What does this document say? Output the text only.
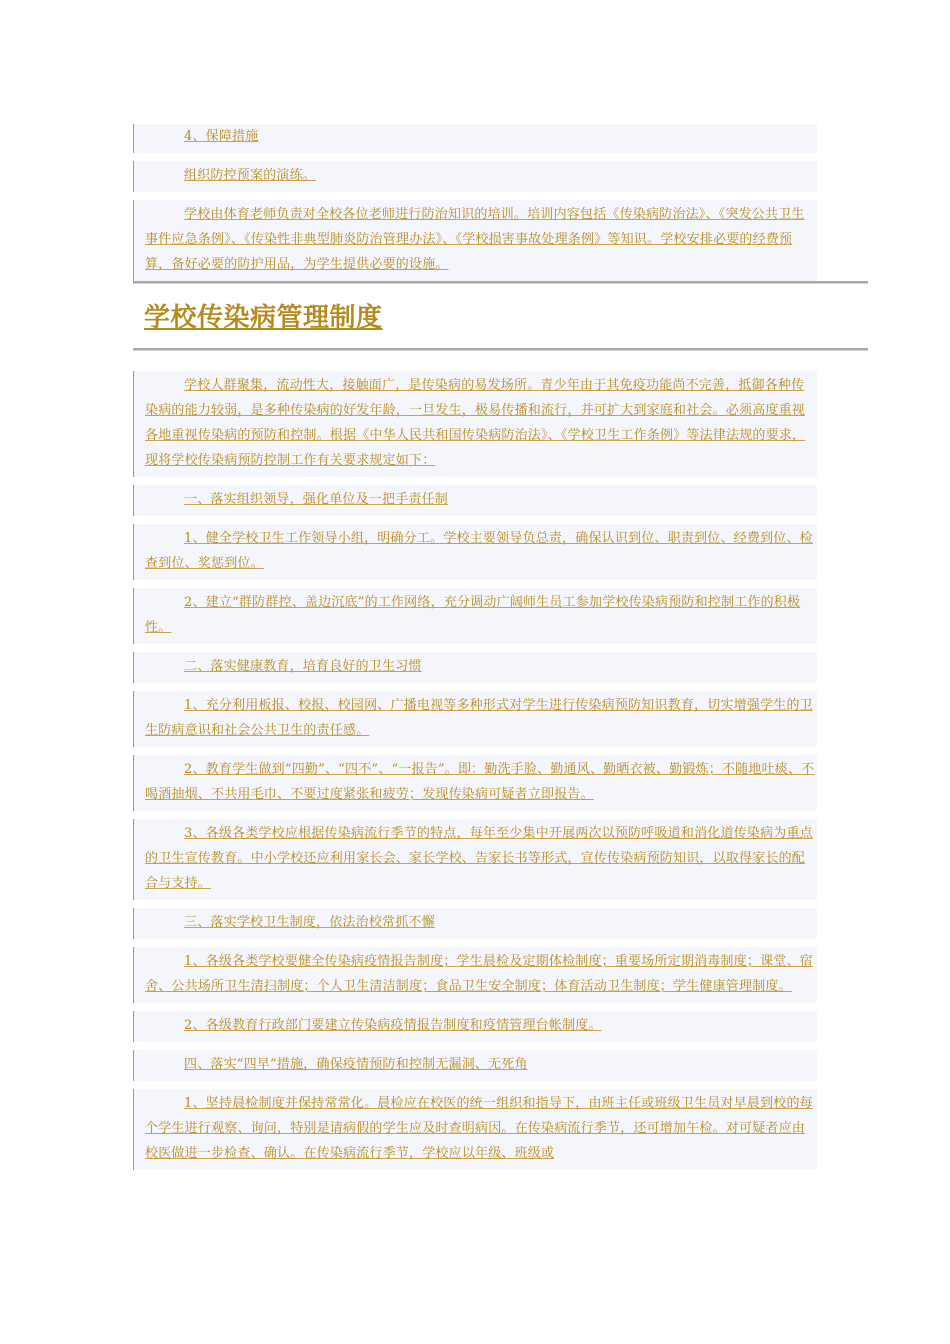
4、保障措施

组织防控预案的演练。

学校由体育老师负责对全校各位老师进行防治知识的培训。培训内容包括《传染病防治法》、《突发公共卫生事件应急条例》、《传染性非典型肺炎防治管理办法》、《学校损害事故处理条例》等知识。学校安排必要的经费预算，备好必要的防护用品，为学生提供必要的设施。

学校传染病管理制度

学校人群聚集，流动性大，接触面广，是传染病的易发场所。青少年由于其免疫功能尚不完善，抵御各种传染病的能力较弱，是多种传染病的好发年龄，一旦发生，极易传播和流行，并可扩大到家庭和社会。必须高度重视各地重视传染病的预防和控制。根据《中华人民共和国传染病防治法》、《学校卫生工作条例》等法律法规的要求，现将学校传染病预防控制工作有关要求规定如下：

一、落实组织领导，强化单位及一把手责任制

1、健全学校卫生工作领导小组，明确分工。学校主要领导负总责，确保认识到位、职责到位、经费到位、检查到位、奖惩到位。

2、建立“群防群控、盖边沉底”的工作网络，充分调动广阔师生员工参加学校传染病预防和控制工作的积极性。

二、落实健康教育，培育良好的卫生习惯

1、充分利用板报、校报、校园网、广播电视等多种形式对学生进行传染病预防知识教育，切实增强学生的卫生防病意识和社会公共卫生的责任感。

2、教育学生做到“四勤”、“四不”、“一报告”。即：勤洗手脸、勤通风、勤晒衣被、勤锻炼；不随地吐痰、不喝酒抽烟、不共用毛巾、不要过度紧张和疲劳；发现传染病可疑者立即报告。

3、各级各类学校应根据传染病流行季节的特点，每年至少集中开展两次以预防呼吸道和消化道传染病为重点的卫生宣传教育。中小学校还应利用家长会、家长学校、告家长书等形式，宣传传染病预防知识，以取得家长的配合与支持。

三、落实学校卫生制度，依法治校常抓不懈

1、各级各类学校要健全传染病疫情报告制度；学生晨检及定期体检制度；重要场所定期消毒制度；课堂、宿舍、公共场所卫生清扫制度；个人卫生清洁制度；食品卫生安全制度；体育活动卫生制度；学生健康管理制度。

2、各级教育行政部门要建立传染病疫情报告制度和疫情管理台帐制度。

四、落实“四早”措施，确保疫情预防和控制无漏洞、无死角

1、坚持晨检制度并保持常常化。晨检应在校医的统一组织和指导下，由班主任或班级卫生员对早晨到校的每个学生进行观察、询问，特别是请病假的学生应及时查明病因。在传染病流行季节，还可增加午检。对可疑者应由校医做进一步检查、确认。在传染病流行季节，学校应以年级、班级或
